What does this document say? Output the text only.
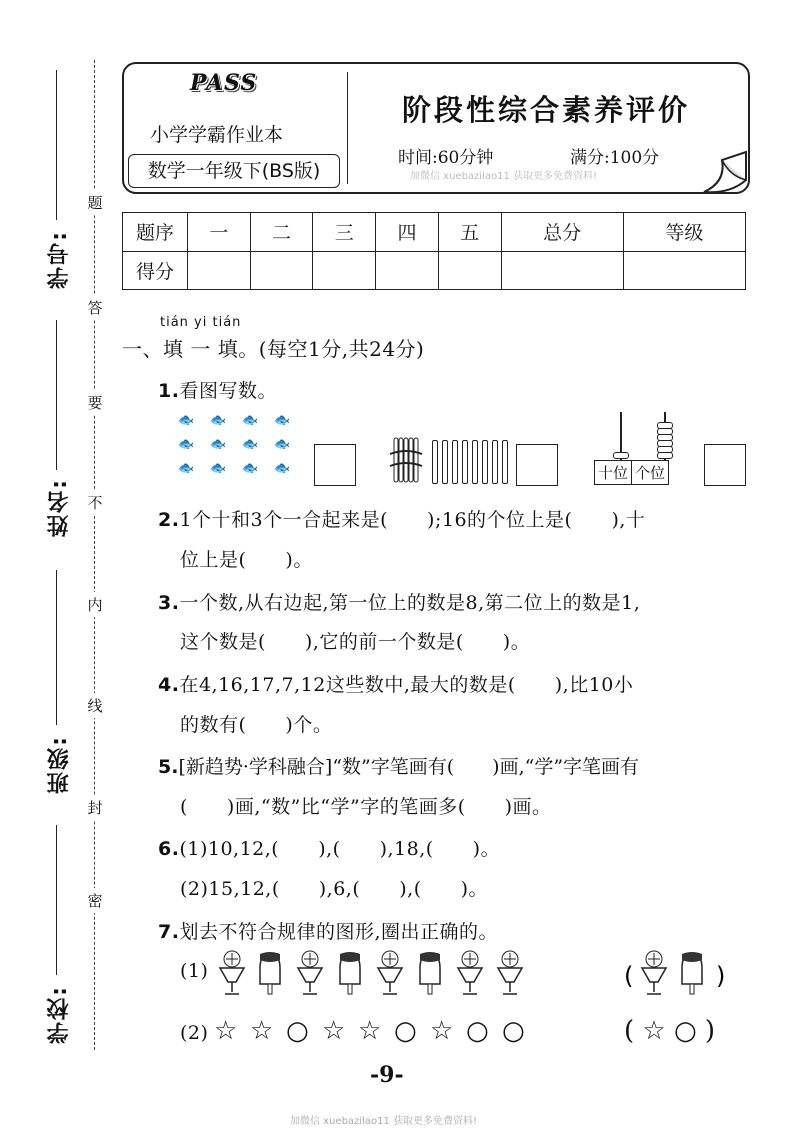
学号:
姓名:
班级:
学校:
题
答
要
不
内
线
封
密
PASS
小学学霸作业本
数学一年级下(BS版)
阶段性综合素养评价
时间:60分钟	满分:100分
加微信 xuebazilao11 获取更多免费资料!
题序	一	二	三	四	五	总分	等级
得分							
tián yi tián
一、填 一 填。(每空1分,共24分)
1.看图写数。
🐟 🐟 🐟 🐟
🐟 🐟 🐟 🐟
🐟 🐟 🐟 🐟	十位	个位
2.1个十和3个一合起来是(　　);16的个位上是(　　),十
位上是(　　)。
3.一个数,从右边起,第一位上的数是8,第二位上的数是1,
这个数是(　　),它的前一个数是(　　)。
4.在4,16,17,7,12这些数中,最大的数是(　　),比10小
的数有(　　)个。
5.[新趋势·学科融合]“数”字笔画有(　　)画,“学”字笔画有
(　　)画,“数”比“学”字的笔画多(　　)画。
6.(1)10,12,(　　),(　　),18,(　　)。
(2)15,12,(　　),6,(　　),(　　)。
7.划去不符合规律的图形,圈出正确的。
(1)	(	)
(2) ☆ ☆ ○ ☆ ☆ ○ ☆ ○ ○	( ☆ ○ )
-9-
加微信 xuebazilao11 获取更多免费资料!
